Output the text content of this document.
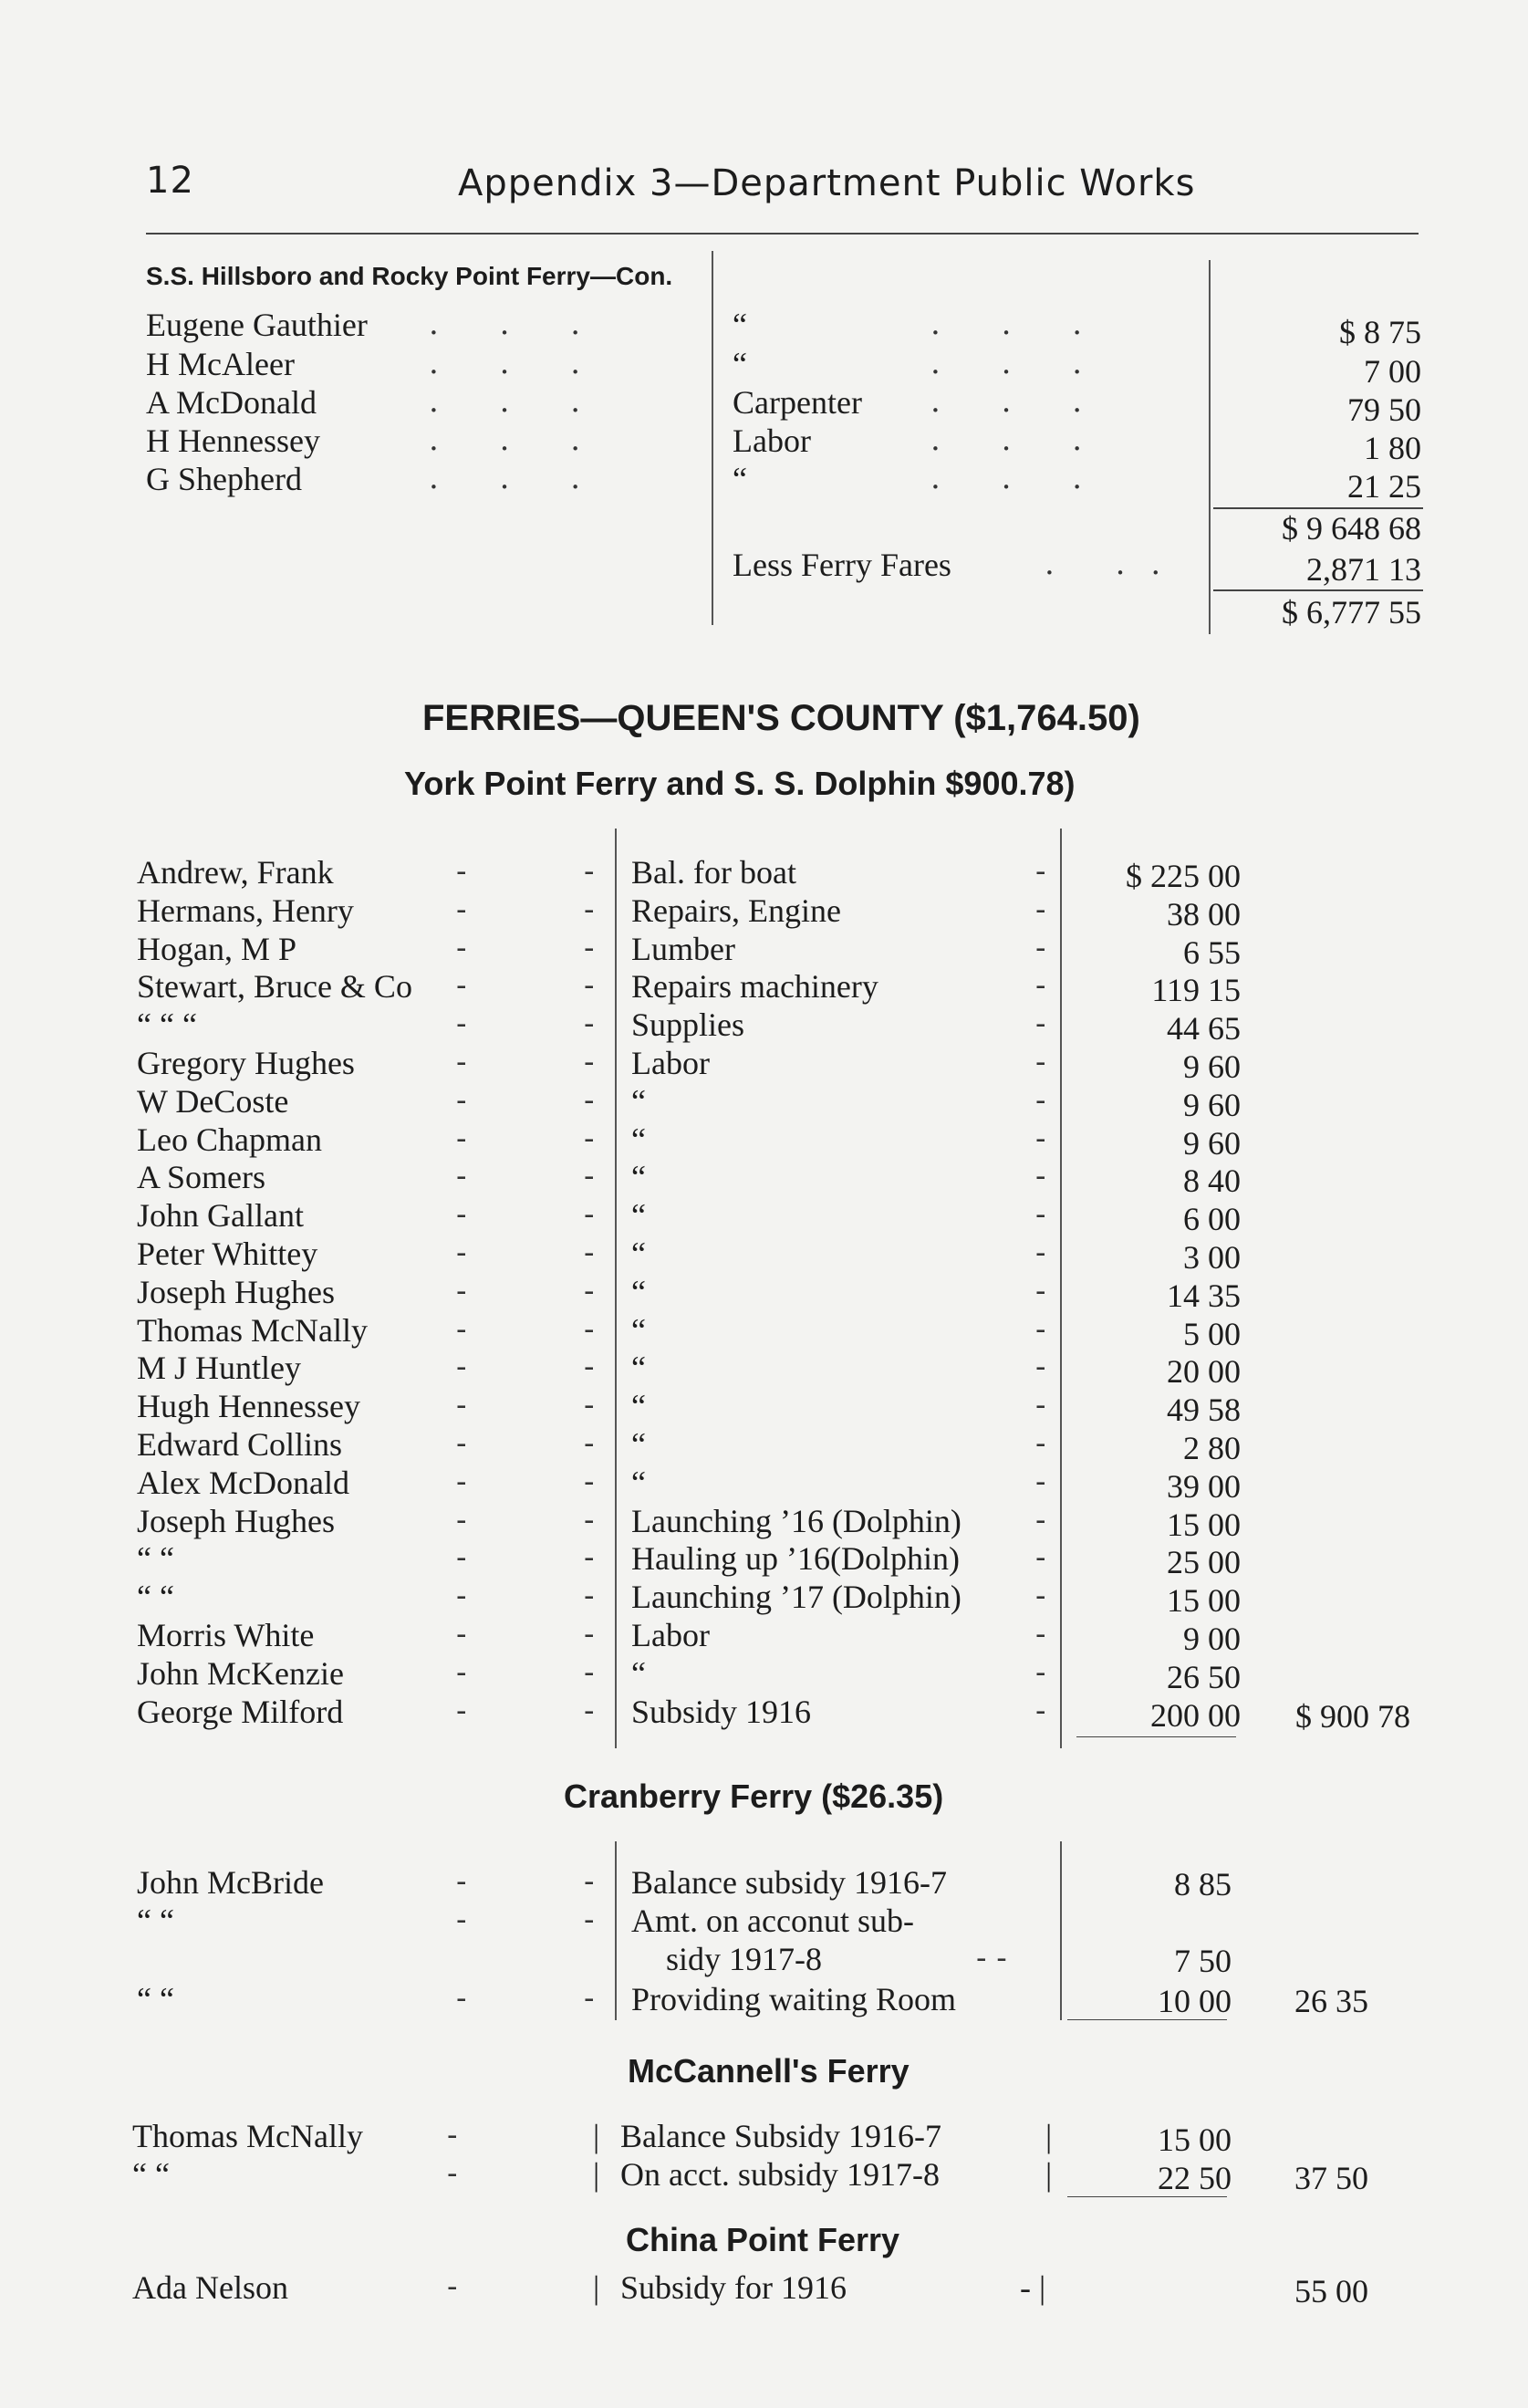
12	Appendix 3—Department Public Works
S.S. Hillsboro and Rocky Point Ferry—Con.
Eugene Gauthier . . .	“	. . .	$ 8 75
H McAleer	. . .	“	. . .	7 00
A McDonald	. . .	Carpenter . . .	79 50
H Hennessey	. . .	Labor	. . .	1 80
G Shepherd	. . .	“	. . .	21 25
$ 9 648 68
Less Ferry Fares	. ..	2,871 13
$ 6,777 55
FERRIES—QUEEN'S COUNTY ($1,764.50)
York Point Ferry and S. S. Dolphin $900.78)
Andrew, Frank	-	- Bal. for boat	-	$ 225 00
Hermans, Henry	-	- Repairs, Engine	-	38 00
Hogan, M P	-	- Lumber	-	6 55
Stewart, Bruce & Co -	- Repairs machinery	-	119 15
“ “ “	-	- Supplies	-	44 65
Gregory Hughes	-	- Labor	-	9 60
W DeCoste	-	- “	-	9 60
Leo Chapman	-	- “	-	9 60
A Somers	-	- “	-	8 40
John Gallant	-	- “	-	6 00
Peter Whittey	-	- “	-	3 00
Joseph Hughes	-	- “	-	14 35
Thomas McNally	-	- “	-	5 00
M J Huntley	-	- “	-	20 00
Hugh Hennessey	-	- “	-	49 58
Edward Collins	-	- “	-	2 80
Alex McDonald	-	- “	-	39 00
Joseph Hughes	-	- Launching ’16 (Dolphin) -	15 00
“ “	-	- Hauling up ’16(Dolphin) -	25 00
“ “	-	- Launching ’17 (Dolphin) -	15 00
Morris White	-	- Labor	-	9 00
John McKenzie	-	- “	-	26 50
George Milford	-	- Subsidy 1916	-	200 00	$ 900 78
Cranberry Ferry ($26.35)
John McBride	-	- Balance subsidy 1916-7	8 85
“ “	-	- Amt. on acconut sub-
sidy 1917-8	- -	7 50
“ “	-	- Providing waiting Room	10 00	26 35
McCannell's Ferry
Thomas McNally	-	| Balance Subsidy 1916-7	|	15 00
“ “	-	| On acct. subsidy 1917-8	|	22 50	37 50
China Point Ferry
Ada Nelson	-	| Subsidy for 1916	- |	55 00
